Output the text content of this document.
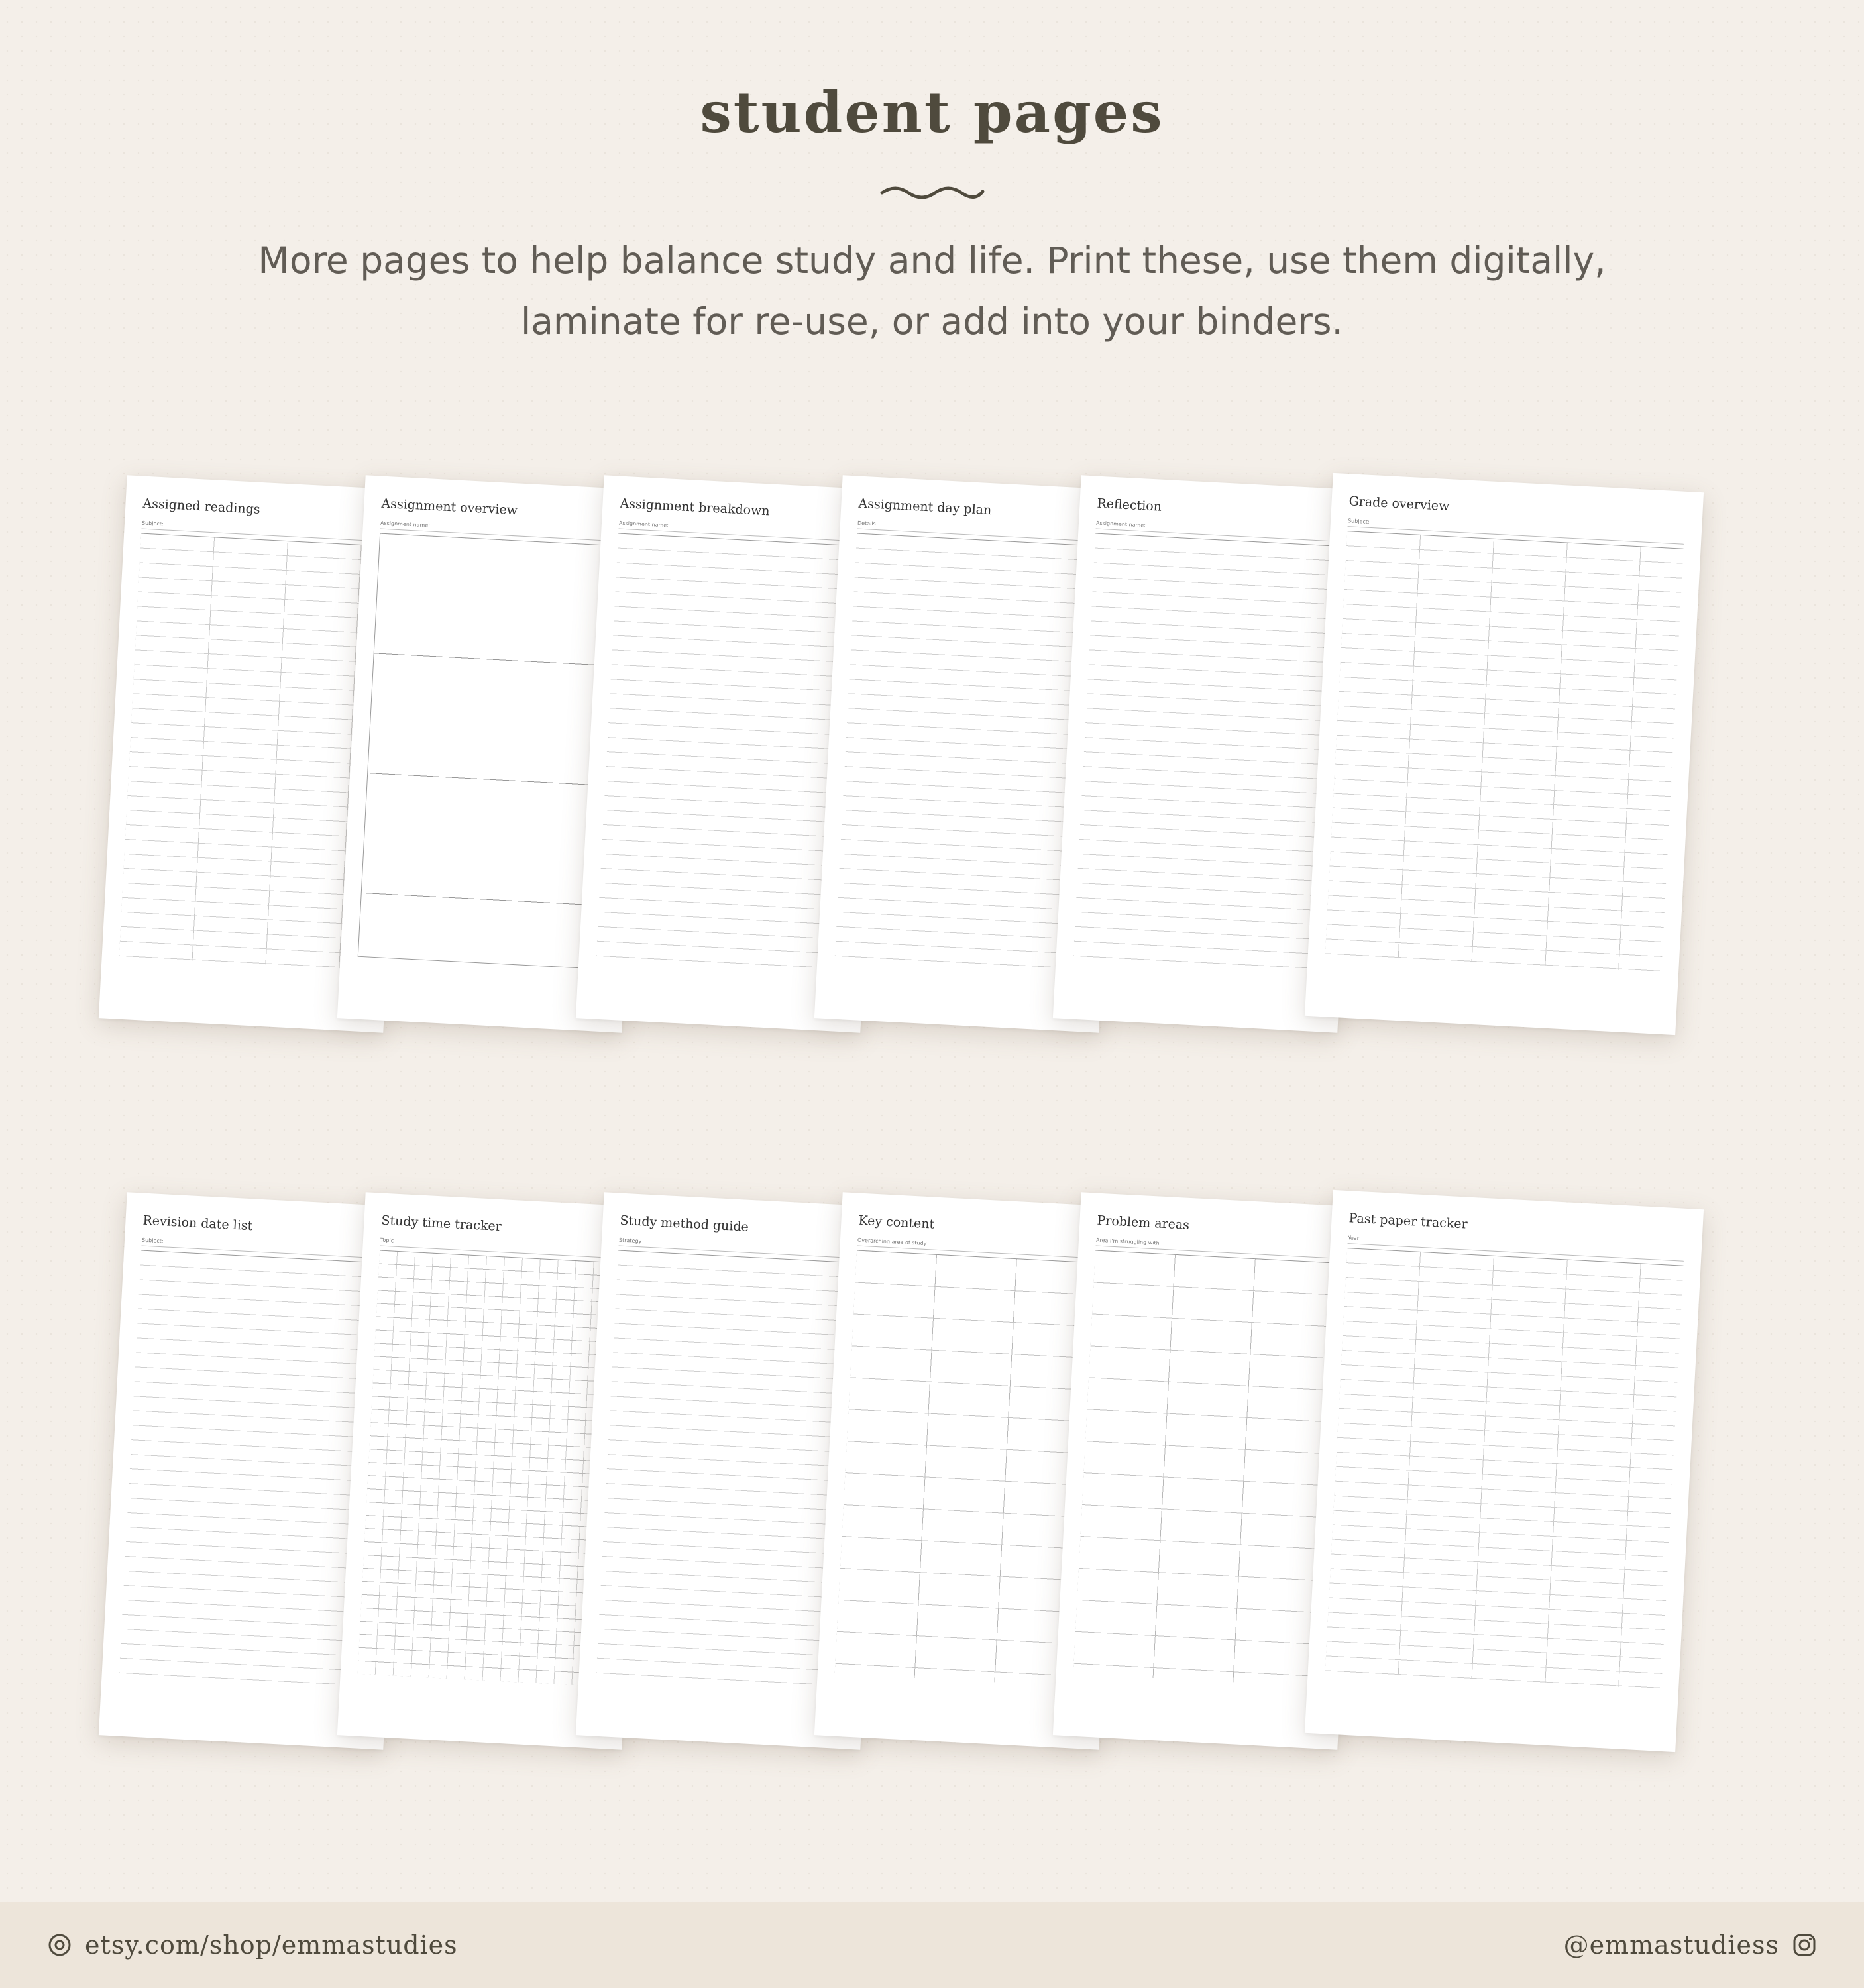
student pages
More pages to help balance study and life. Print these, use them digitally,
laminate for re-use, or add into your binders.
Assigned readings
Subject:
Assignment overview
Assignment name:
Assignment breakdown
Assignment name:
Assignment day plan
Details
Reflection
Assignment name:
Grade overview
Subject:
Revision date list
Subject:
Study time tracker
Topic
Study method guide
Strategy
Key content
Overarching area of study
Problem areas
Area I'm struggling with
Past paper tracker
Year
etsy.com/shop/emmastudies	@emmastudiess
